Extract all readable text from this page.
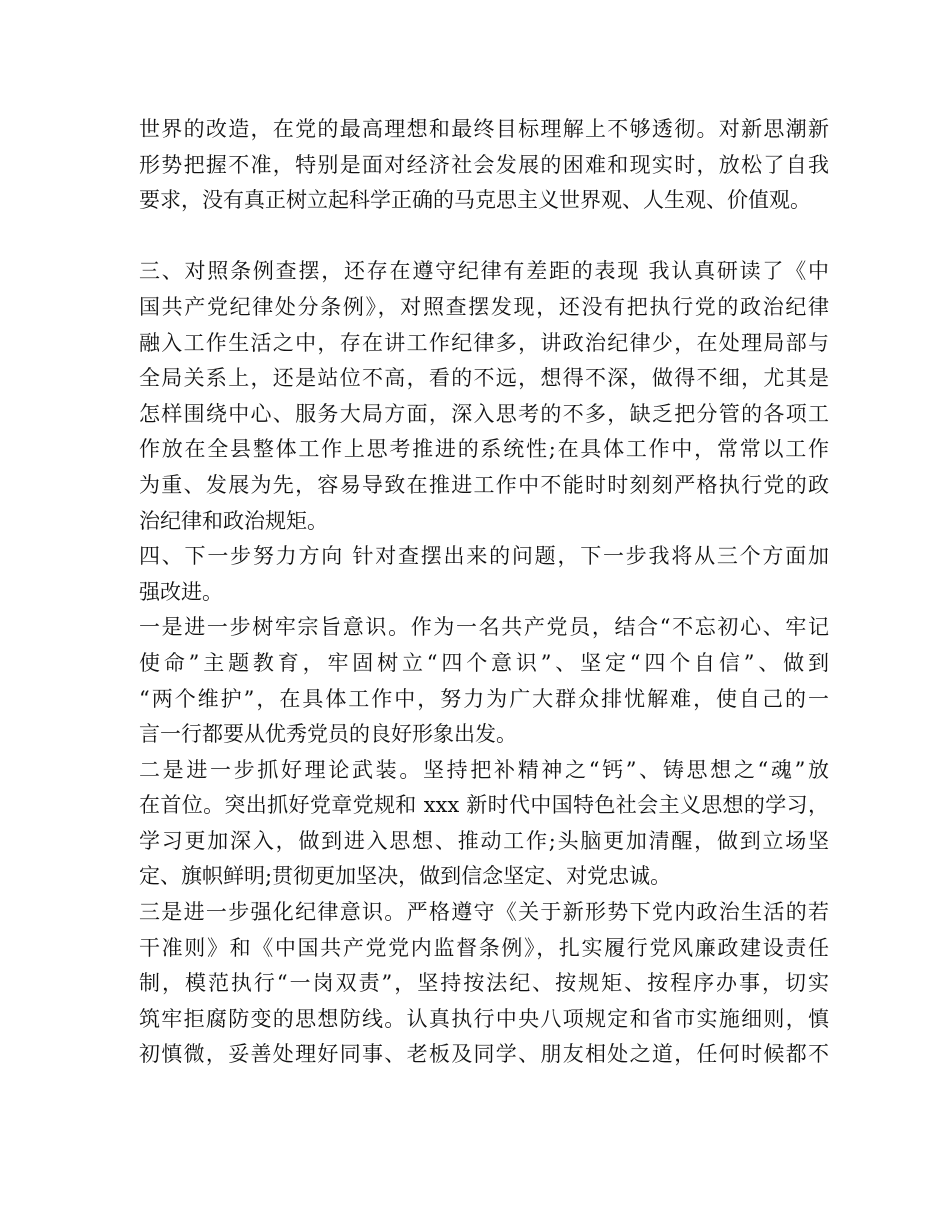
世界的改造，在党的最高理想和最终目标理解上不够透彻。对新思潮新
形势把握不准，特别是面对经济社会发展的困难和现实时，放松了自我
要求，没有真正树立起科学正确的马克思主义世界观、人生观、价值观。
三、对照条例查摆，还存在遵守纪律有差距的表现 我认真研读了《中
国共产党纪律处分条例》，对照查摆发现，还没有把执行党的政治纪律
融入工作生活之中，存在讲工作纪律多，讲政治纪律少，在处理局部与
全局关系上，还是站位不高，看的不远，想得不深，做得不细，尤其是
怎样围绕中心、服务大局方面，深入思考的不多，缺乏把分管的各项工
作放在全县整体工作上思考推进的系统性;在具体工作中，常常以工作
为重、发展为先，容易导致在推进工作中不能时时刻刻严格执行党的政
治纪律和政治规矩。
四、下一步努力方向 针对查摆出来的问题，下一步我将从三个方面加
强改进。
一是进一步树牢宗旨意识。作为一名共产党员，结合“不忘初心、牢记
使命”主题教育，牢固树立“四个意识”、坚定“四个自信”、做到
“两个维护”，在具体工作中，努力为广大群众排忧解难，使自己的一
言一行都要从优秀党员的良好形象出发。
二是进一步抓好理论武装。坚持把补精神之“钙”、铸思想之“魂”放
在首位。突出抓好党章党规和 xxx 新时代中国特色社会主义思想的学习，
学习更加深入，做到进入思想、推动工作;头脑更加清醒，做到立场坚
定、旗帜鲜明;贯彻更加坚决，做到信念坚定、对党忠诚。
三是进一步强化纪律意识。严格遵守《关于新形势下党内政治生活的若
干准则》和《中国共产党党内监督条例》，扎实履行党风廉政建设责任
制，模范执行“一岗双责”，坚持按法纪、按规矩、按程序办事，切实
筑牢拒腐防变的思想防线。认真执行中央八项规定和省市实施细则，慎
初慎微，妥善处理好同事、老板及同学、朋友相处之道，任何时候都不
